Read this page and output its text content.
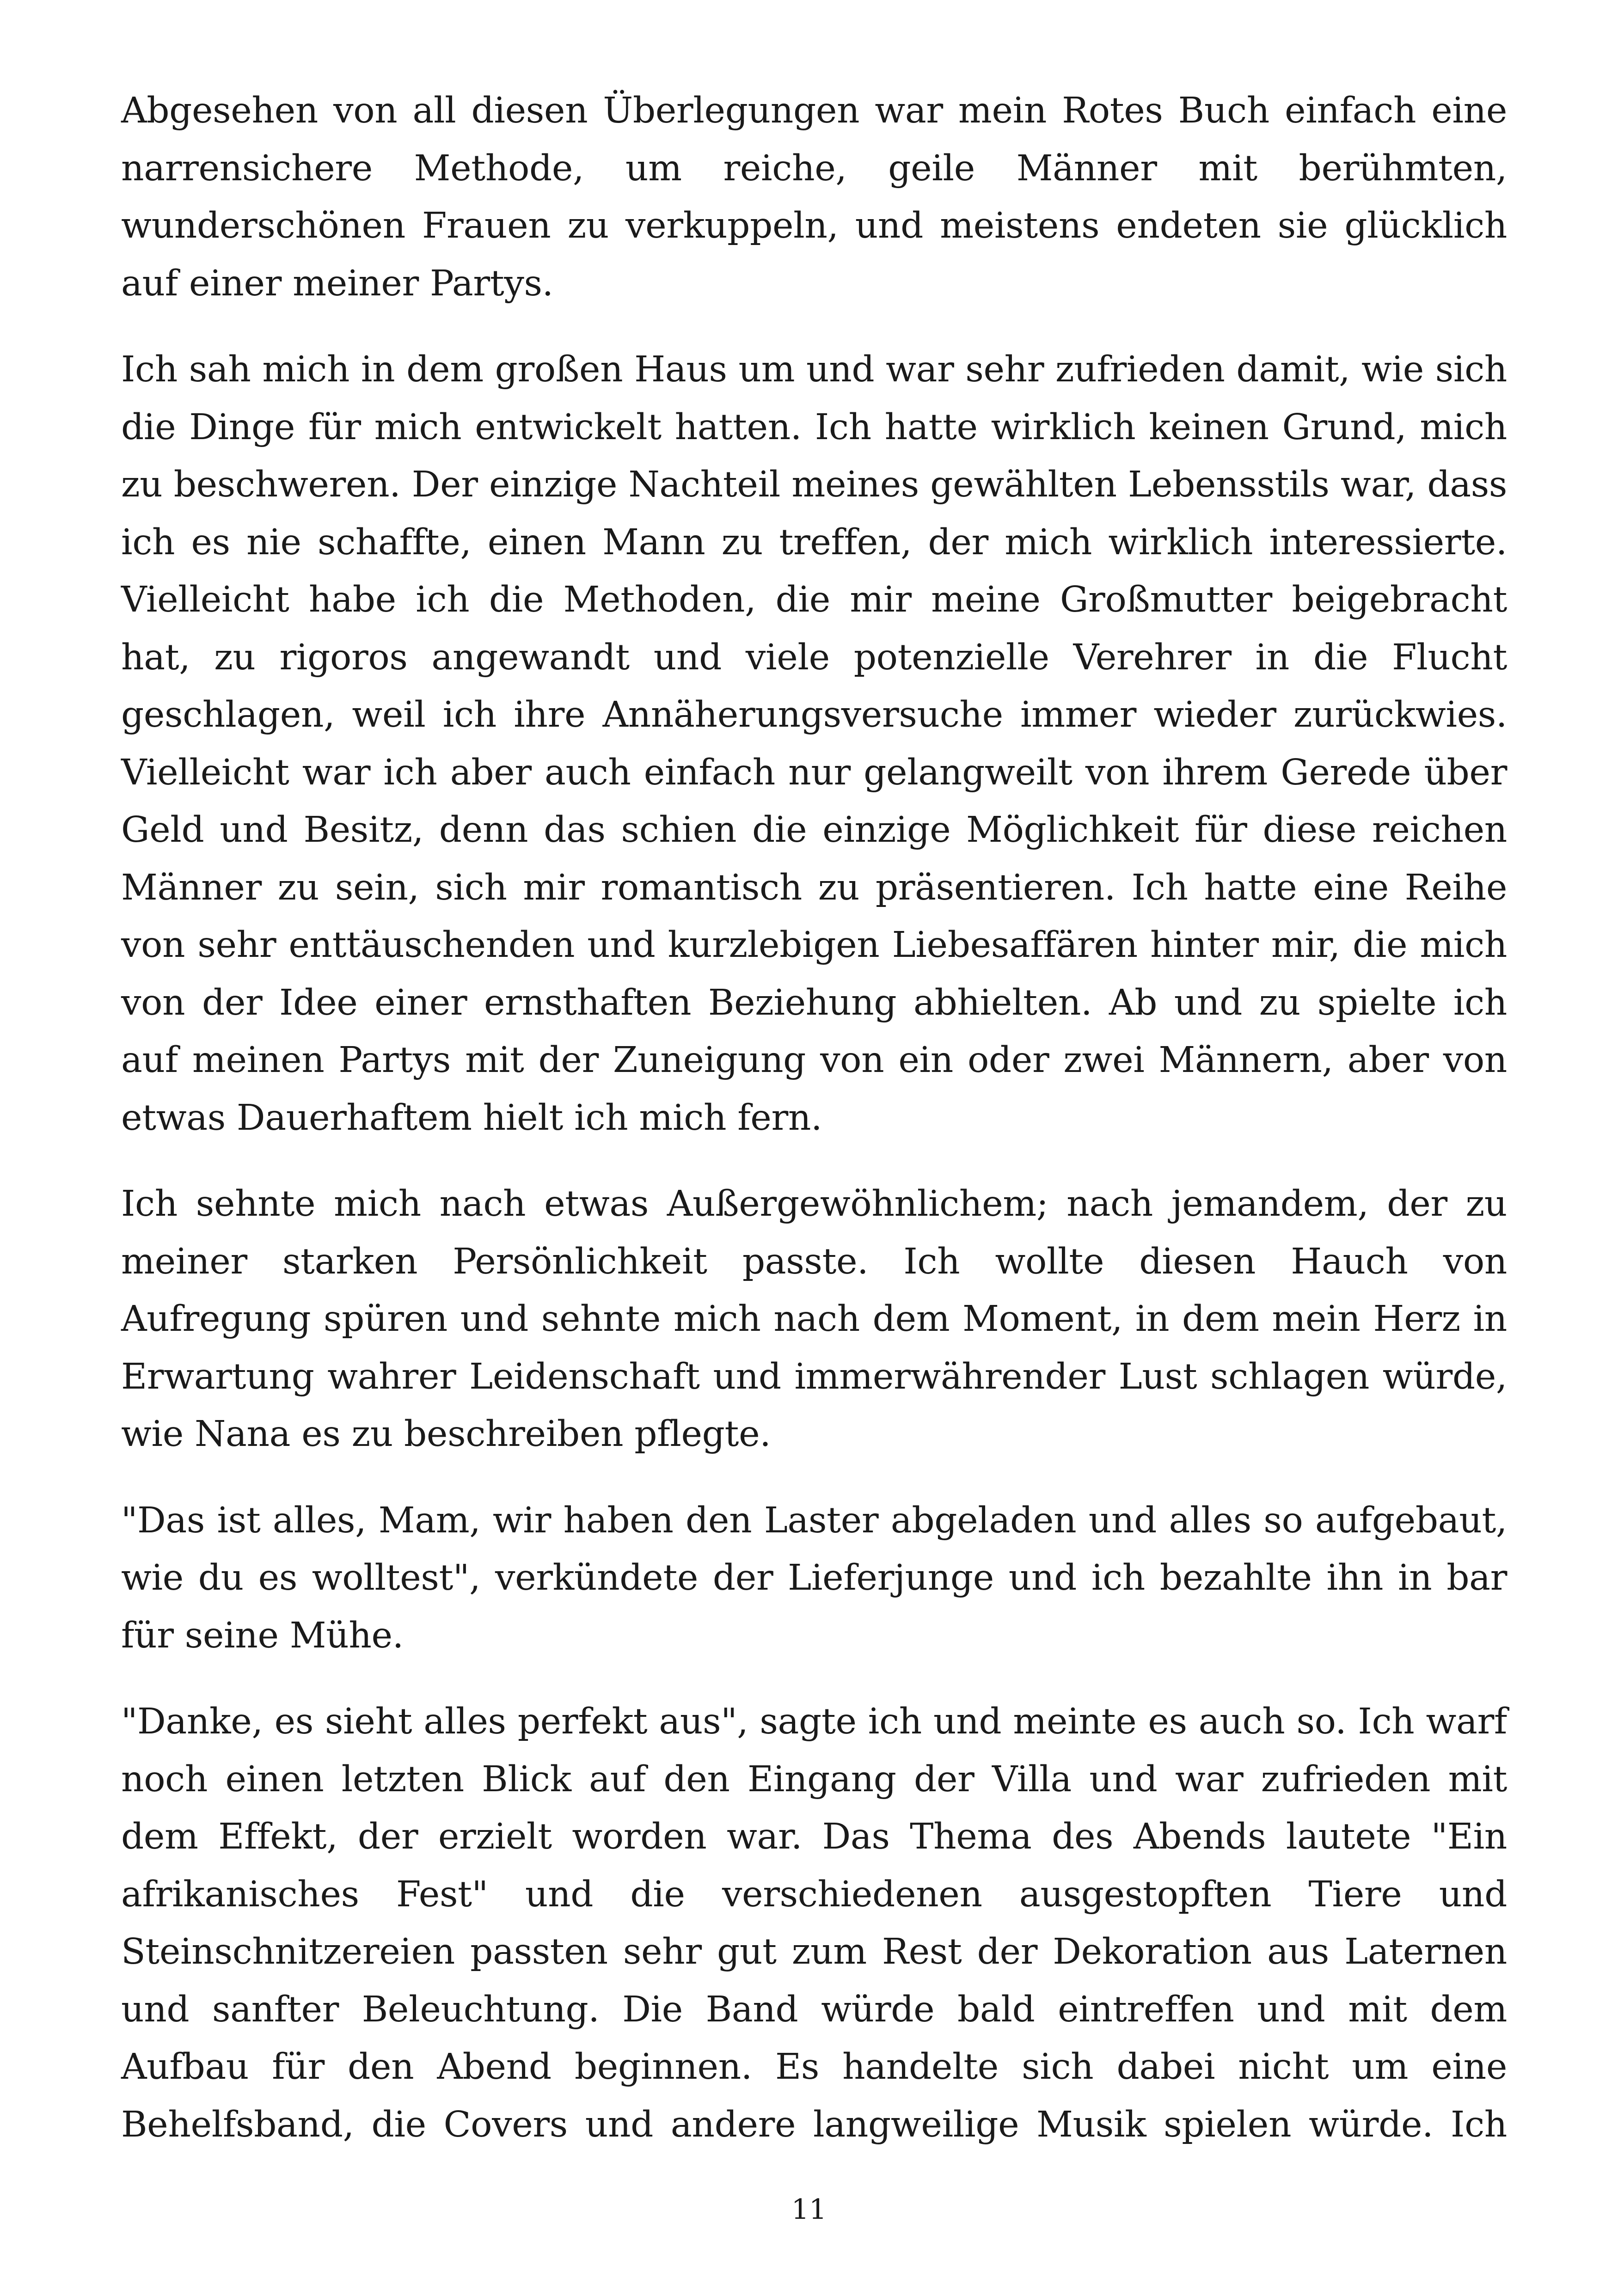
Abgesehen von all diesen Überlegungen war mein Rotes Buch einfach eine narrensichere Methode, um reiche, geile Männer mit berühmten, wunderschönen Frauen zu verkuppeln, und meistens endeten sie glücklich auf einer meiner Partys.

Ich sah mich in dem großen Haus um und war sehr zufrieden damit, wie sich die Dinge für mich entwickelt hatten. Ich hatte wirklich keinen Grund, mich zu beschweren. Der einzige Nachteil meines gewählten Lebensstils war, dass ich es nie schaffte, einen Mann zu treffen, der mich wirklich interessierte. Vielleicht habe ich die Methoden, die mir meine Großmutter beigebracht hat, zu rigoros angewandt und viele potenzielle Verehrer in die Flucht geschlagen, weil ich ihre Annäherungsversuche immer wieder zurückwies. Vielleicht war ich aber auch einfach nur gelangweilt von ihrem Gerede über Geld und Besitz, denn das schien die einzige Möglichkeit für diese reichen Männer zu sein, sich mir romantisch zu präsentieren. Ich hatte eine Reihe von sehr enttäuschenden und kurzlebigen Liebesaffären hinter mir, die mich von der Idee einer ernsthaften Beziehung abhielten. Ab und zu spielte ich auf meinen Partys mit der Zuneigung von ein oder zwei Männern, aber von etwas Dauerhaftem hielt ich mich fern.

Ich sehnte mich nach etwas Außergewöhnlichem; nach jemandem, der zu meiner starken Persönlichkeit passte. Ich wollte diesen Hauch von Aufregung spüren und sehnte mich nach dem Moment, in dem mein Herz in Erwartung wahrer Leidenschaft und immerwährender Lust schlagen würde, wie Nana es zu beschreiben pflegte.

"Das ist alles, Mam, wir haben den Laster abgeladen und alles so aufgebaut, wie du es wolltest", verkündete der Lieferjunge und ich bezahlte ihn in bar für seine Mühe.

"Danke, es sieht alles perfekt aus", sagte ich und meinte es auch so. Ich warf noch einen letzten Blick auf den Eingang der Villa und war zufrieden mit dem Effekt, der erzielt worden war. Das Thema des Abends lautete "Ein afrikanisches Fest" und die verschiedenen ausgestopften Tiere und Steinschnitzereien passten sehr gut zum Rest der Dekoration aus Laternen und sanfter Beleuchtung. Die Band würde bald eintreffen und mit dem Aufbau für den Abend beginnen. Es handelte sich dabei nicht um eine Behelfsband, die Covers und andere langweilige Musik spielen würde. Ich

11
